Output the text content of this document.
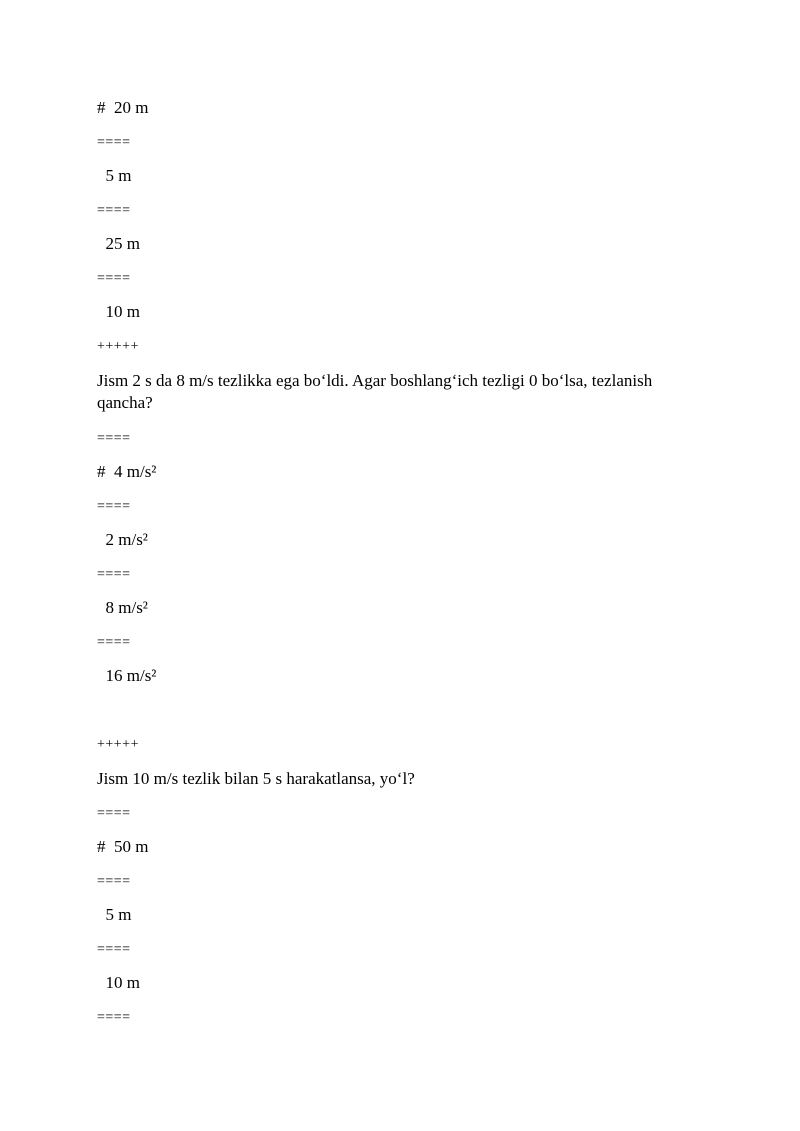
#  20 m
====
5 m
====
25 m
====
10 m
+++++
Jism 2 s da 8 m/s tezlikka ega bo‘ldi. Agar boshlang‘ich tezligi 0 bo‘lsa, tezlanish qancha?
====
#  4 m/s²
====
2 m/s²
====
8 m/s²
====
16 m/s²
+++++
Jism 10 m/s tezlik bilan 5 s harakatlansa, yo‘l?
====
#  50 m
====
5 m
====
10 m
====
